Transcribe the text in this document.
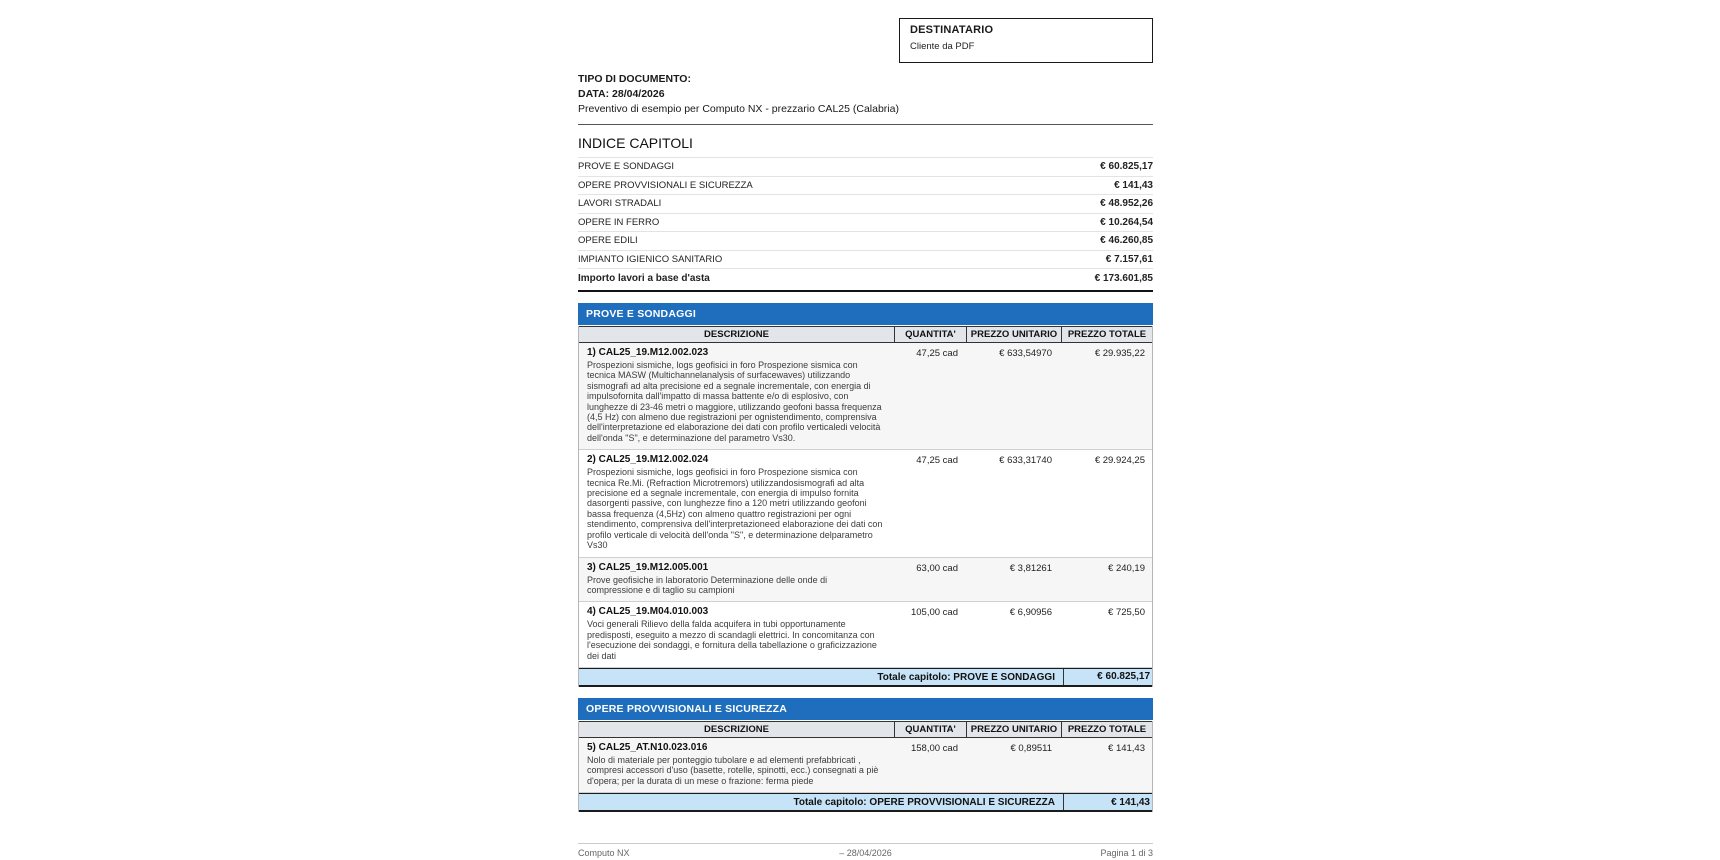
DESTINATARIO
Cliente da PDF
TIPO DI DOCUMENTO:
DATA: 28/04/2026
Preventivo di esempio per Computo NX - prezzario CAL25 (Calabria)
INDICE CAPITOLI
PROVE E SONDAGGI	€ 60.825,17
OPERE PROVVISIONALI E SICUREZZA	€ 141,43
LAVORI STRADALI	€ 48.952,26
OPERE IN FERRO	€ 10.264,54
OPERE EDILI	€ 46.260,85
IMPIANTO IGIENICO SANITARIO	€ 7.157,61
Importo lavori a base d'asta	€ 173.601,85
PROVE E SONDAGGI
DESCRIZIONE	QUANTITA'	PREZZO UNITARIO	PREZZO TOTALE
1) CAL25_19.M12.002.023
Prospezioni sismiche, logs geofisici in foro Prospezione sismica con tecnica MASW (Multichannelanalysis of surfacewaves) utilizzando sismografi ad alta precisione ed a segnale incrementale, con energia di impulsofornita dall'impatto di massa battente e/o di esplosivo, con lunghezze di 23-46 metri o maggiore, utilizzando geofoni bassa frequenza (4,5 Hz) con almeno due registrazioni per ognistendimento, comprensiva dell'interpretazione ed elaborazione dei dati con profilo verticaledi velocità dell'onda "S", e determinazione del parametro Vs30.
47,25 cad	€ 633,54970	€ 29.935,22
2) CAL25_19.M12.002.024
Prospezioni sismiche, logs geofisici in foro Prospezione sismica con tecnica Re.Mi. (Refraction Microtremors) utilizzandosismografi ad alta precisione ed a segnale incrementale, con energia di impulso fornita dasorgenti passive, con lunghezze fino a 120 metri utilizzando geofoni bassa frequenza (4,5Hz) con almeno quattro registrazioni per ogni stendimento, comprensiva dell'interpretazioneed elaborazione dei dati con profilo verticale di velocità dell'onda "S", e determinazione delparametro Vs30
47,25 cad	€ 633,31740	€ 29.924,25
3) CAL25_19.M12.005.001
Prove geofisiche in laboratorio Determinazione delle onde di compressione e di taglio su campioni
63,00 cad	€ 3,81261	€ 240,19
4) CAL25_19.M04.010.003
Voci generali Rilievo della falda acquifera in tubi opportunamente predisposti, eseguito a mezzo di scandagli elettrici. In concomitanza con l'esecuzione dei sondaggi, e fornitura della tabellazione o graficizzazione dei dati
105,00 cad	€ 6,90956	€ 725,50
Totale capitolo: PROVE E SONDAGGI	€ 60.825,17
OPERE PROVVISIONALI E SICUREZZA
DESCRIZIONE	QUANTITA'	PREZZO UNITARIO	PREZZO TOTALE
5) CAL25_AT.N10.023.016
Nolo di materiale per ponteggio tubolare e ad elementi prefabbricati , compresi accessori d'uso (basette, rotelle, spinotti, ecc.) consegnati a piè d'opera; per la durata di un mese o frazione: ferma piede
158,00 cad	€ 0,89511	€ 141,43
Totale capitolo: OPERE PROVVISIONALI E SICUREZZA	€ 141,43
– 28/04/2026
Computo NX	Pagina 1 di 3
